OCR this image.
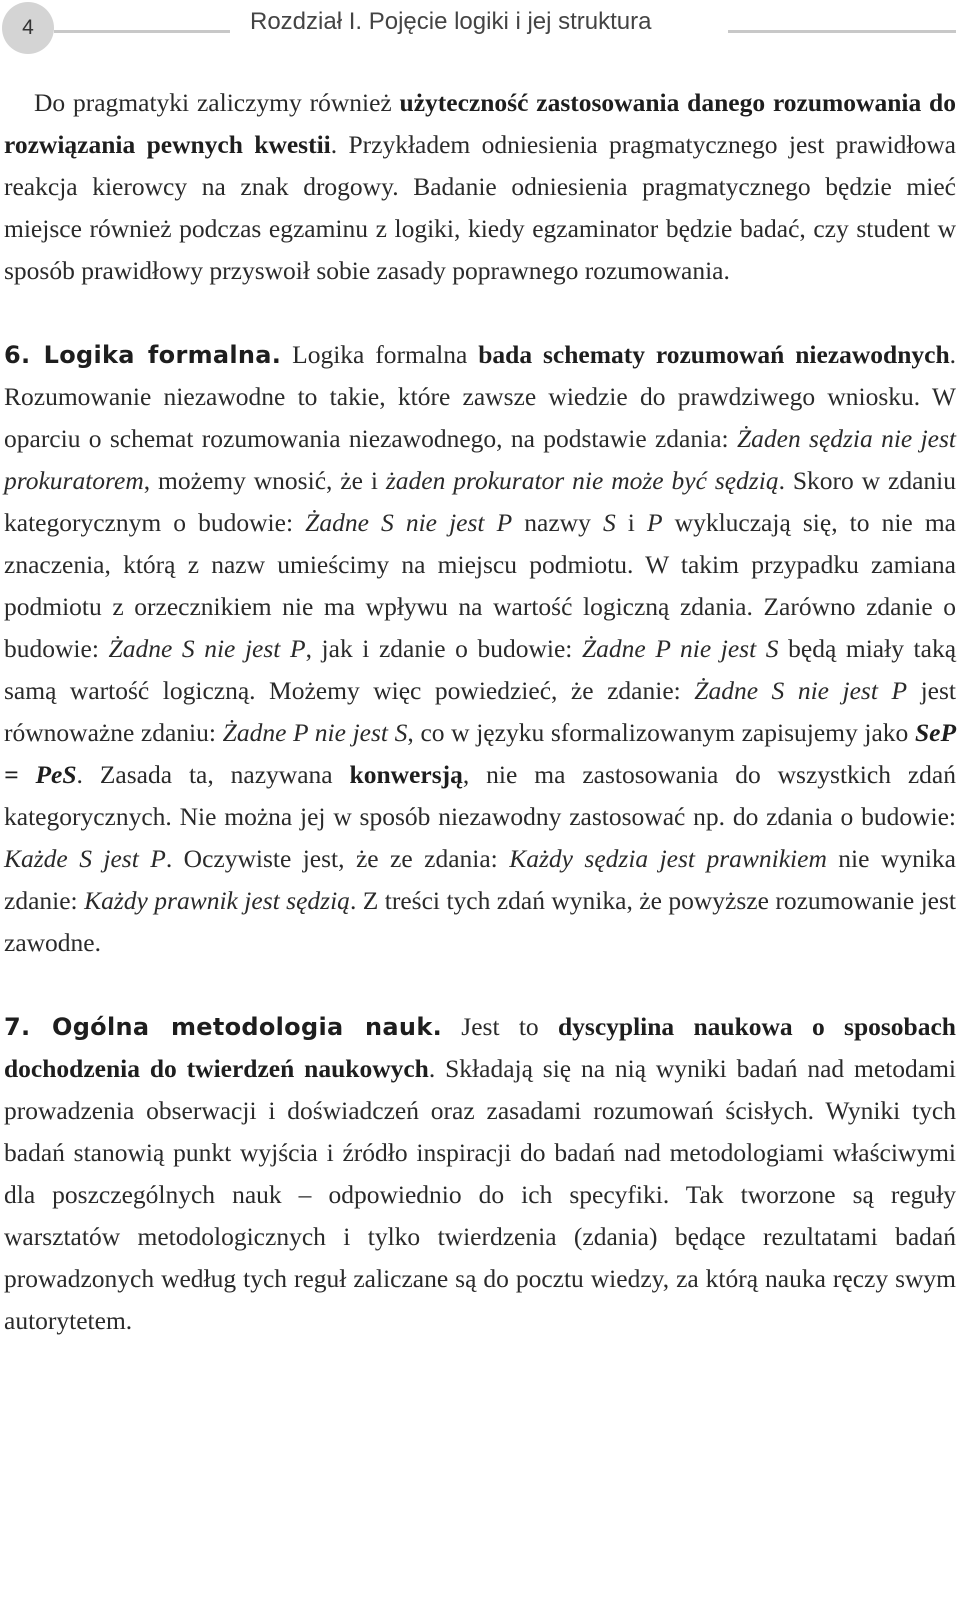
4	Rozdział I. Pojęcie logiki i jej struktura

Do pragmatyki zaliczymy również użyteczność zastosowania danego rozumowania do rozwiązania pewnych kwestii. Przykładem odniesienia pragmatycznego jest prawidłowa reakcja kierowcy na znak drogowy. Badanie odniesienia pragmatycznego będzie mieć miejsce również podczas egzaminu z logiki, kiedy egzaminator będzie badać, czy student w sposób prawidłowy przyswoił sobie zasady poprawnego rozumowania.

6. Logika formalna. Logika formalna bada schematy rozumowań niezawodnych. Rozumowanie niezawodne to takie, które zawsze wiedzie do prawdziwego wniosku. W oparciu o schemat rozumowania niezawodnego, na podstawie zdania: Żaden sędzia nie jest prokuratorem, możemy wnosić, że i żaden prokurator nie może być sędzią. Skoro w zdaniu kategorycznym o budowie: Żadne S nie jest P nazwy S i P wykluczają się, to nie ma znaczenia, którą z nazw umieścimy na miejscu podmiotu. W takim przypadku zamiana podmiotu z orzecznikiem nie ma wpływu na wartość logiczną zdania. Zarówno zdanie o budowie: Żadne S nie jest P, jak i zdanie o budowie: Żadne P nie jest S będą miały taką samą wartość logiczną. Możemy więc powiedzieć, że zdanie: Żadne S nie jest P jest równoważne zdaniu: Żadne P nie jest S, co w języku sformalizowanym zapisujemy jako SeP = PeS. Zasada ta, nazywana konwersją, nie ma zastosowania do wszystkich zdań kategorycznych. Nie można jej w sposób niezawodny zastosować np. do zdania o budowie: Każde S jest P. Oczywiste jest, że ze zdania: Każdy sędzia jest prawnikiem nie wynika zdanie: Każdy prawnik jest sędzią. Z treści tych zdań wynika, że powyższe rozumowanie jest zawodne.

7. Ogólna metodologia nauk. Jest to dyscyplina naukowa o sposobach dochodzenia do twierdzeń naukowych. Składają się na nią wyniki badań nad metodami prowadzenia obserwacji i doświadczeń oraz zasadami rozumowań ścisłych. Wyniki tych badań stanowią punkt wyjścia i źródło inspiracji do badań nad metodologiami właściwymi dla poszczególnych nauk – odpowiednio do ich specyfiki. Tak tworzone są reguły warsztatów metodologicznych i tylko twierdzenia (zdania) będące rezultatami badań prowadzonych według tych reguł zaliczane są do pocztu wiedzy, za którą nauka ręczy swym autorytetem.
